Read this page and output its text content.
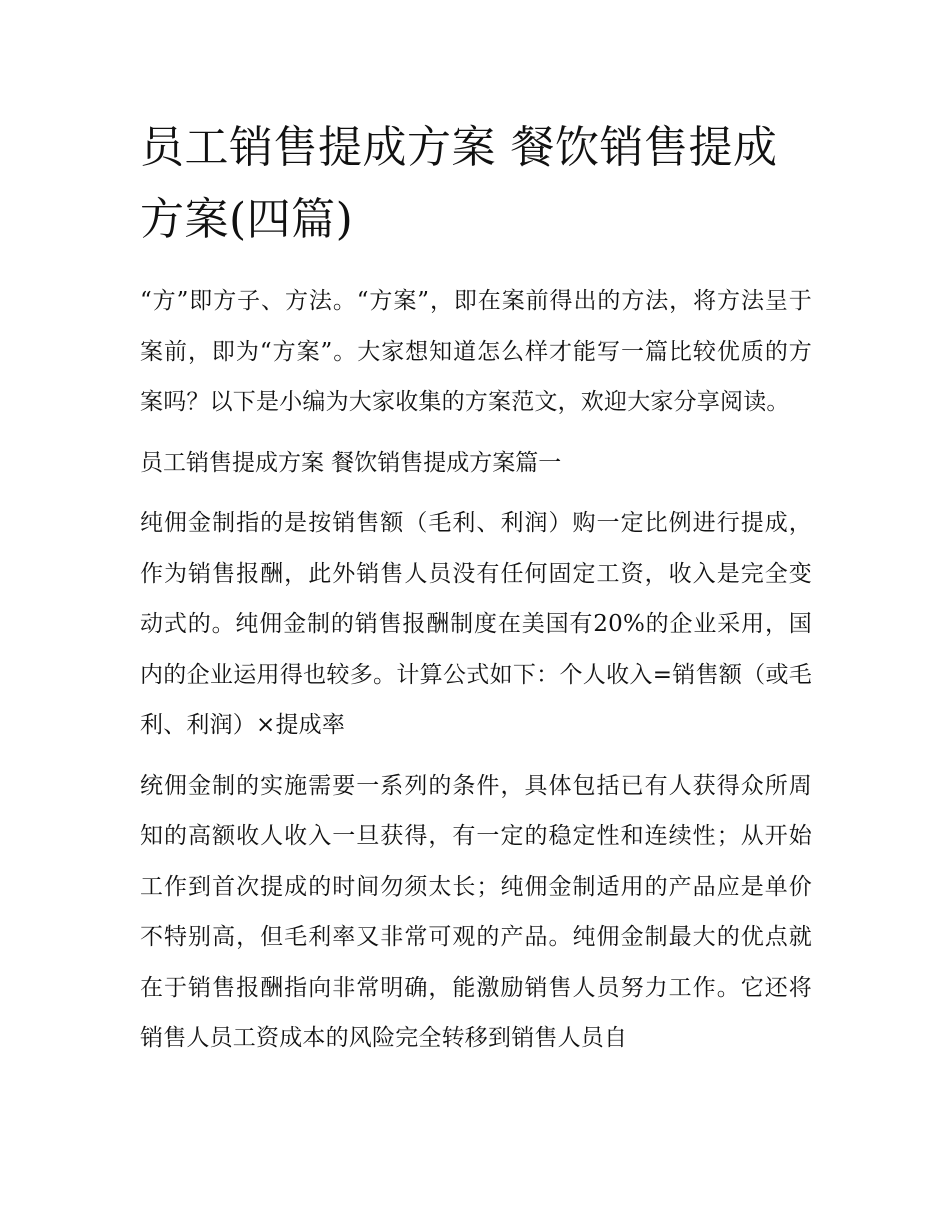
员工销售提成方案 餐饮销售提成方案(四篇)

“方”即方子、方法。“方案”，即在案前得出的方法，将方法呈于案前，即为“方案”。大家想知道怎么样才能写一篇比较优质的方案吗？以下是小编为大家收集的方案范文，欢迎大家分享阅读。

员工销售提成方案 餐饮销售提成方案篇一

纯佣金制指的是按销售额（毛利、利润）购一定比例进行提成，作为销售报酬，此外销售人员没有任何固定工资，收入是完全变动式的。纯佣金制的销售报酬制度在美国有20%的企业采用，国内的企业运用得也较多。计算公式如下：个人收入=销售额（或毛利、利润）×提成率

统佣金制的实施需要一系列的条件，具体包括已有人获得众所周知的高额收人收入一旦获得，有一定的稳定性和连续性；从开始工作到首次提成的时间勿须太长；纯佣金制适用的产品应是单价不特别高，但毛利率又非常可观的产品。纯佣金制最大的优点就在于销售报酬指向非常明确，能激励销售人员努力工作。它还将销售人员工资成本的风险完全转移到销售人员自
